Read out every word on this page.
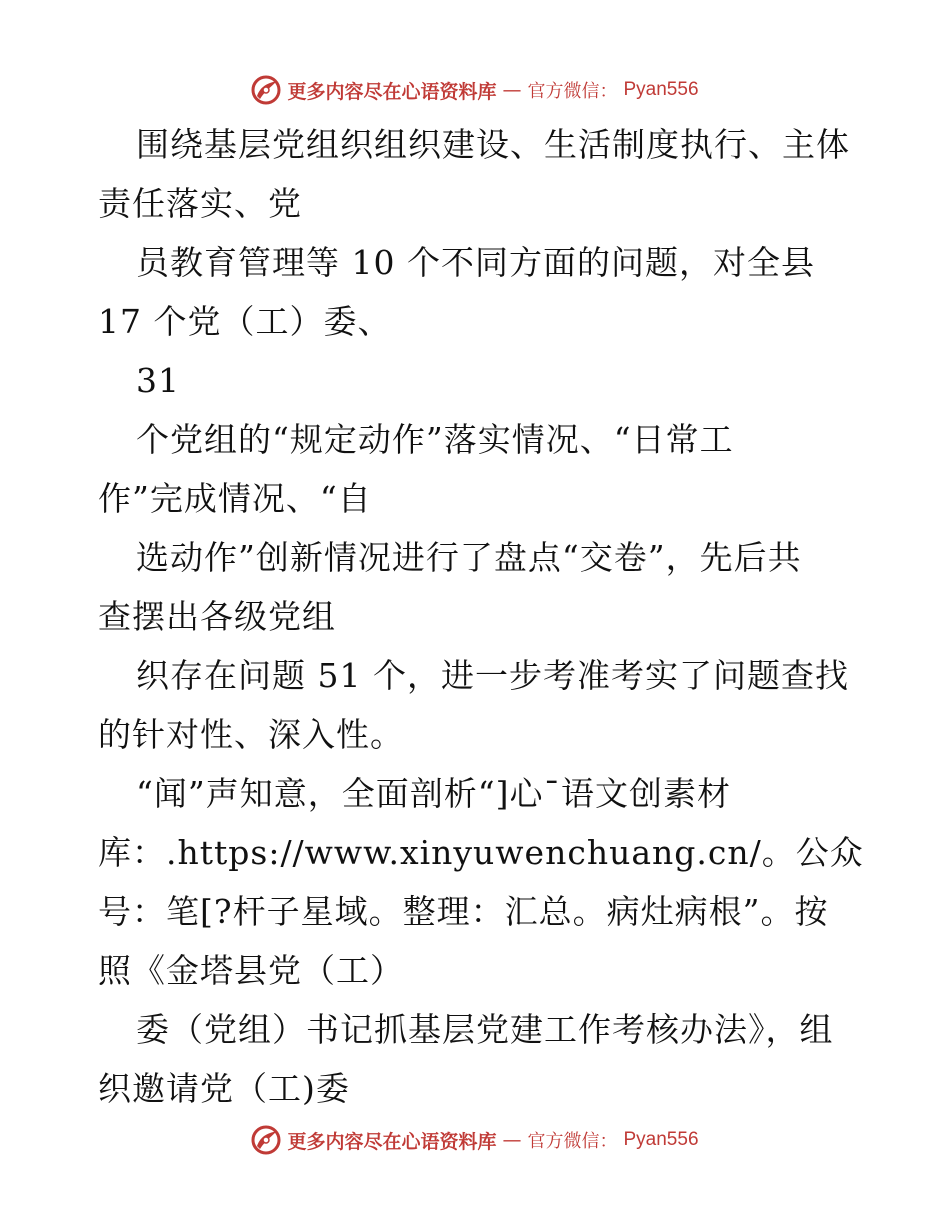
更多内容尽在心语资料库 — 官方微信： Pyan556
围绕基层党组织组织建设、生活制度执行、主体
责任落实、党
员教育管理等 10 个不同方面的问题，对全县
17 个党（工）委、
31
个党组的“规定动作”落实情况、“日常工
作”完成情况、“自
选动作”创新情况进行了盘点“交卷”，先后共
查摆出各级党组
织存在问题 51 个，进一步考准考实了问题查找
的针对性、深入性。
“闻”声知意，全面剖析“]心¯语文创素材
库：.https://www.xinyuwenchuang.cn/。公众
号：笔[?杆子星域。整理：汇总。病灶病根”。按
照《金塔县党（工）
委（党组）书记抓基层党建工作考核办法》，组
织邀请党（工)委
更多内容尽在心语资料库 — 官方微信： Pyan556
